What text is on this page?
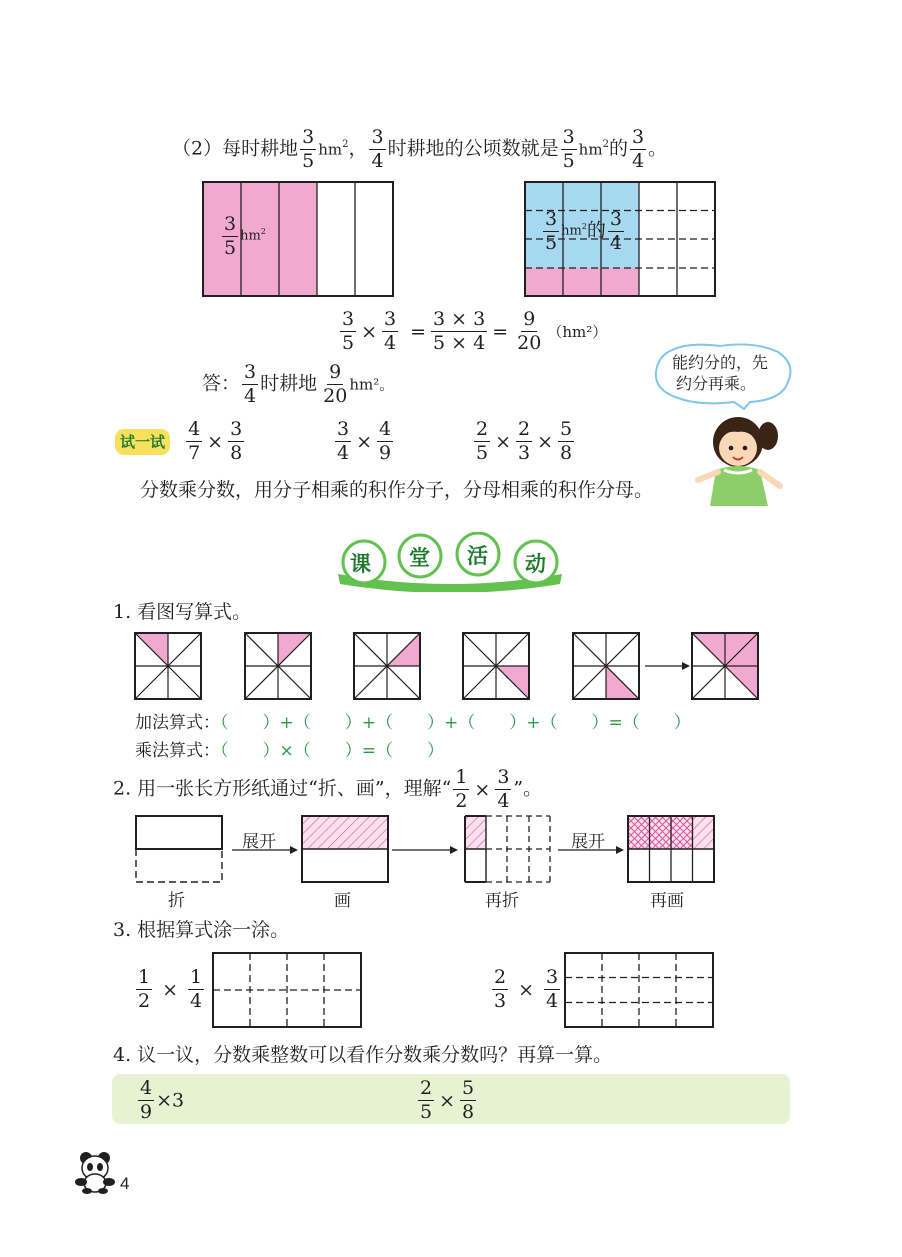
（2）每时耕地 $\frac{3}{5} hm^2$， $\frac{3}{4}$ 时耕地的公顷数就是 $\frac{3}{5} hm^2$的 $\frac{3}{4}$ 。
$\frac{3}{5} hm^2$	$\frac{3}{5} hm^2$的 $\frac{3}{4}$
$\frac{3}{5} \times \frac{3}{4} = \frac{3 \times 3}{5 \times 4} = \frac{9}{20} (hm^2)$
答： $\frac{3}{4}$ 时耕地 $\frac{9}{20} hm^2$。
能约分的，先
约分再乘。
试一试 $\frac{4}{7} \times \frac{3}{8}$	$\frac{3}{4} \times \frac{4}{9}$	$\frac{2}{5} \times \frac{2}{3} \times \frac{5}{8}$
分数乘分数，用分子相乘的积作分子，分母相乘的积作分母。
课 堂 活 动
1. 看图写算式。
加法算式：（　　）+（　　）+（　　）+（　　）+（　　）=（　　）
乘法算式：（　　）×（　　）=（　　）
2. 用一张长方形纸通过“折、画”，理解“ $\frac{1}{2} \times \frac{3}{4}$ ”。
展开	展开
折	画	再折	再画
3. 根据算式涂一涂。
$\frac{1}{2} \times \frac{1}{4}$	$\frac{2}{3} \times \frac{3}{4}$
4. 议一议，分数乘整数可以看作分数乘分数吗？再算一算。
$\frac{4}{9} \times 3$	$\frac{2}{5} \times \frac{5}{8}$
4
